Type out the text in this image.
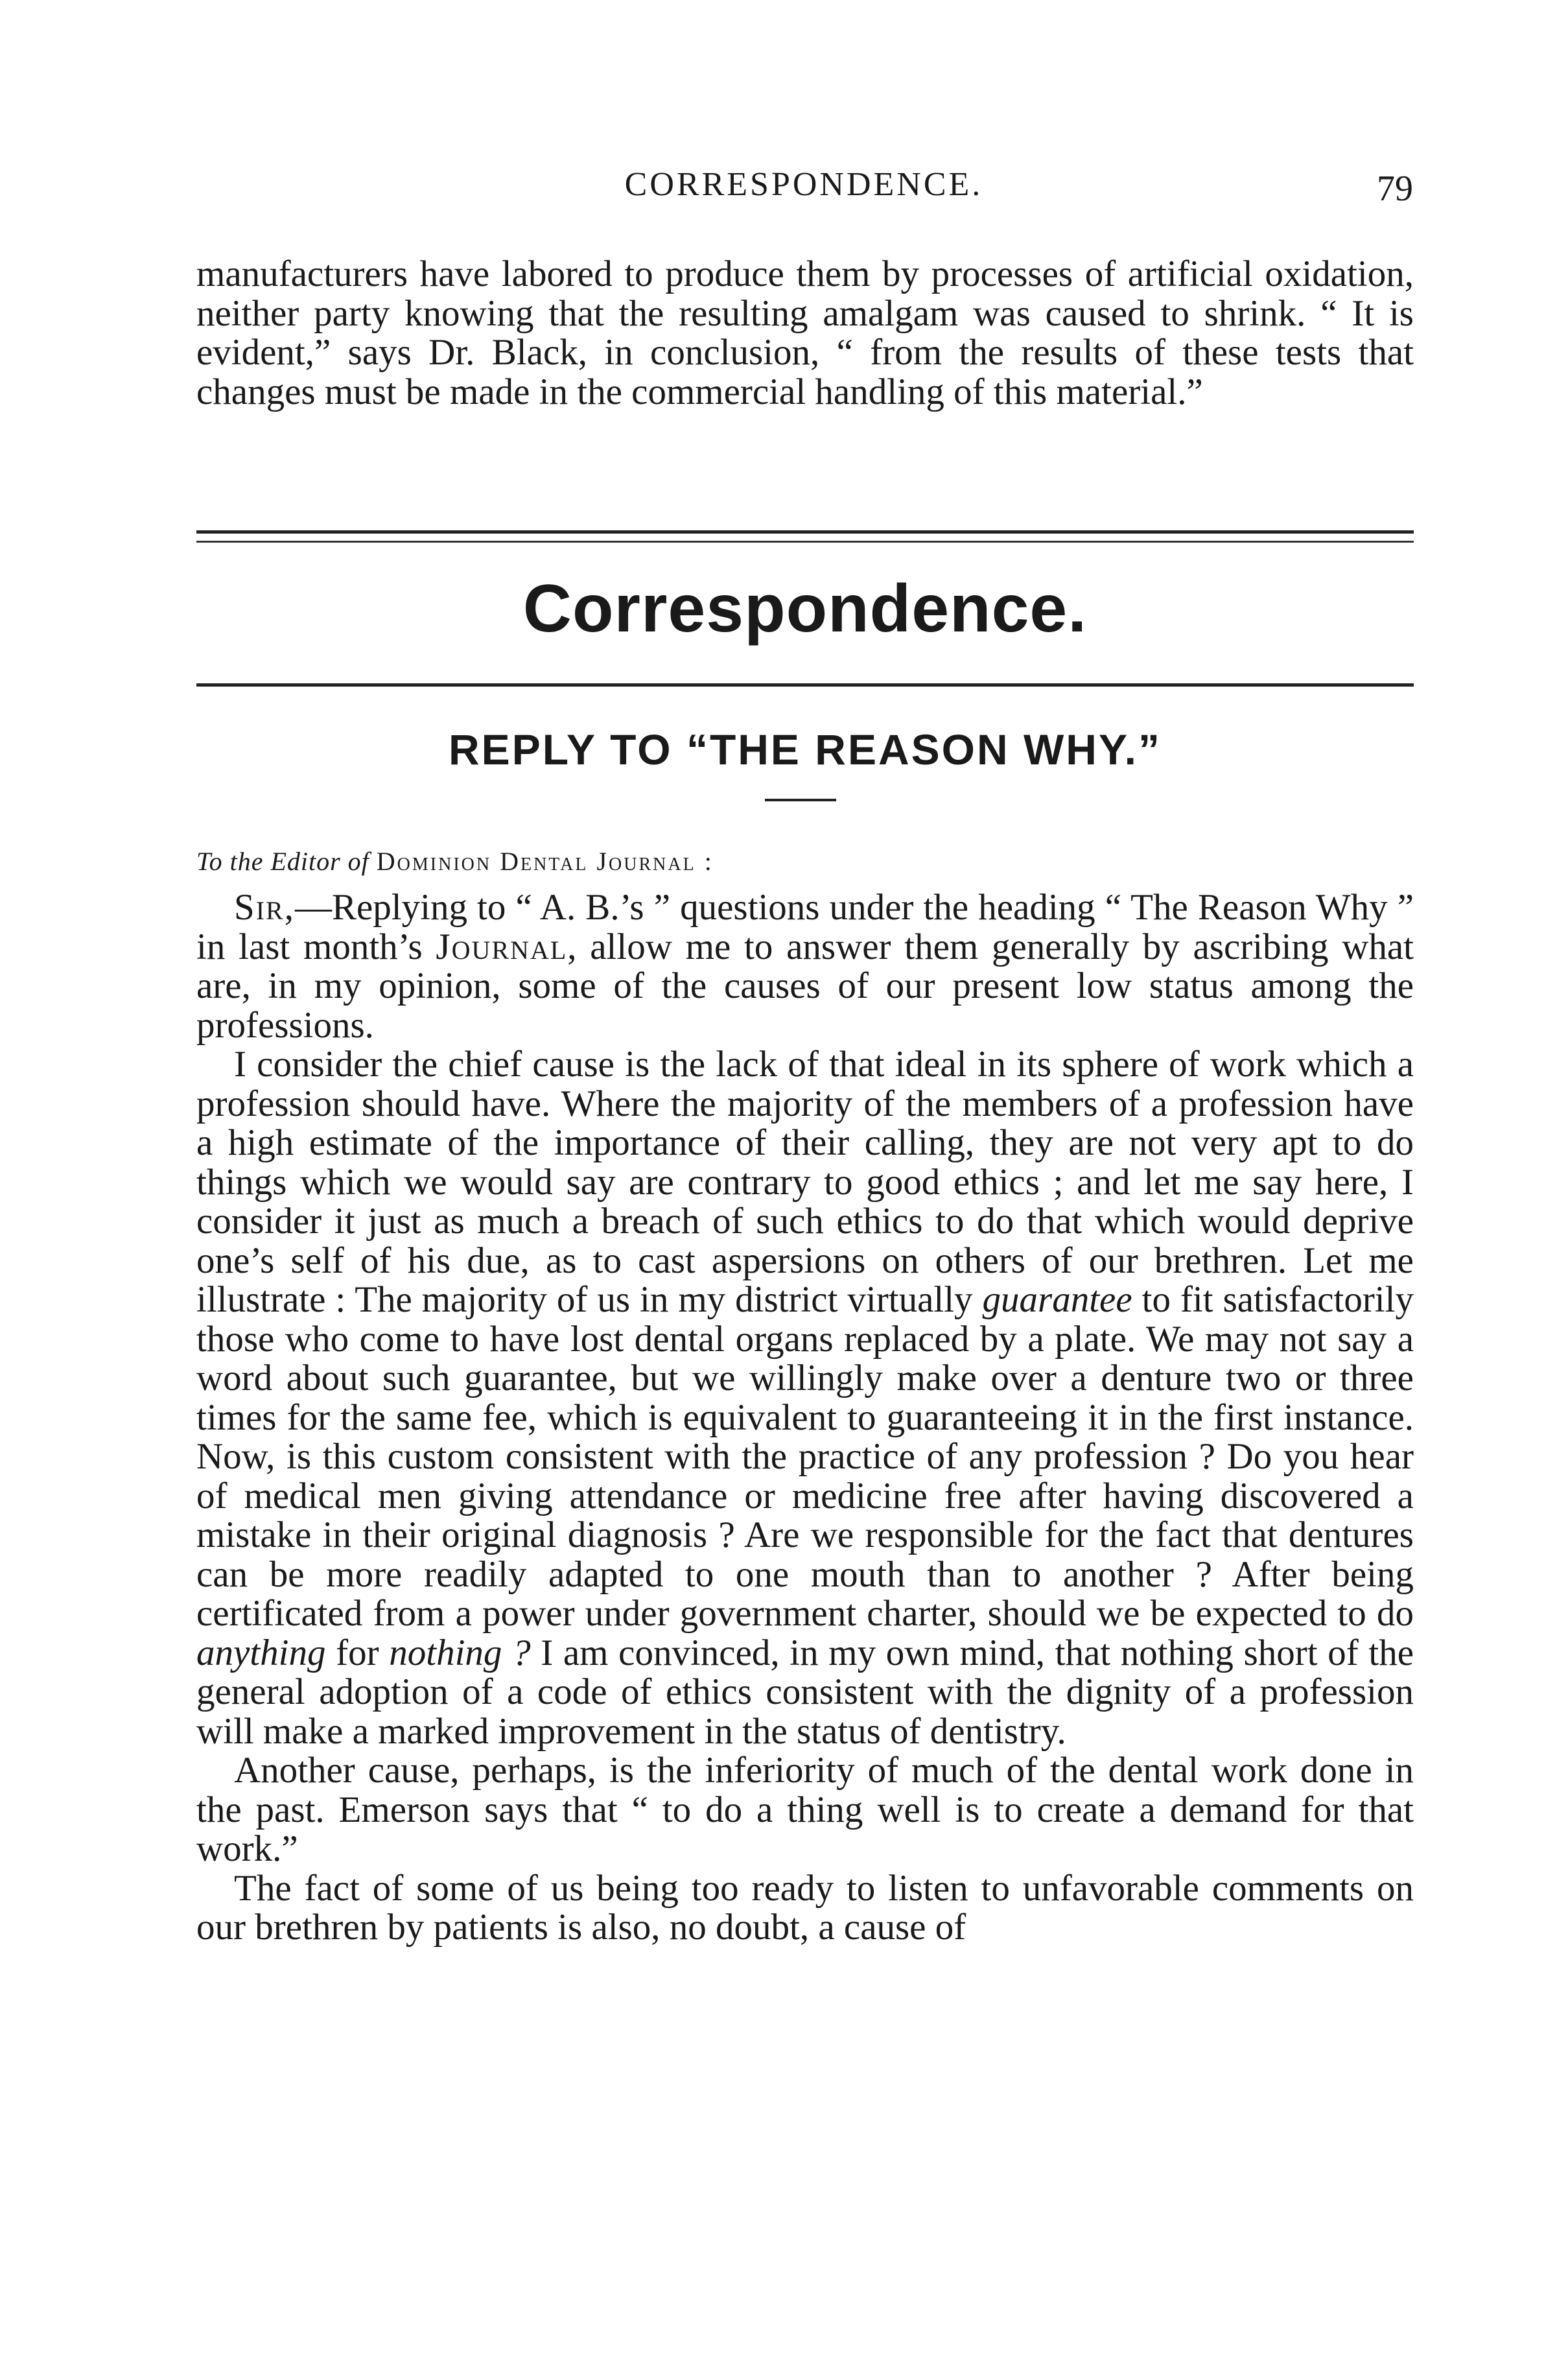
CORRESPONDENCE.	79

manufacturers have labored to produce them by processes of artificial oxidation, neither party knowing that the resulting amalgam was caused to shrink. “ It is evident,” says Dr. Black, in conclusion, “ from the results of these tests that changes must be made in the commercial handling of this material.”

Correspondence.
REPLY TO “THE REASON WHY.”
To the Editor of Dominion Dental Journal :

Sir,—Replying to “ A. B.’s ” questions under the heading “ The Reason Why ” in last month’s Journal, allow me to answer them generally by ascribing what are, in my opinion, some of the causes of our present low status among the professions.

I consider the chief cause is the lack of that ideal in its sphere of work which a profession should have. Where the majority of the members of a profession have a high estimate of the importance of their calling, they are not very apt to do things which we would say are contrary to good ethics ; and let me say here, I consider it just as much a breach of such ethics to do that which would deprive one’s self of his due, as to cast aspersions on others of our brethren. Let me illustrate : The majority of us in my district virtually guarantee to fit satisfactorily those who come to have lost dental organs replaced by a plate. We may not say a word about such guarantee, but we willingly make over a denture two or three times for the same fee, which is equivalent to guaranteeing it in the first instance. Now, is this custom consistent with the practice of any profession ? Do you hear of medical men giving attendance or medicine free after having discovered a mistake in their original diagnosis ? Are we responsible for the fact that dentures can be more readily adapted to one mouth than to another ? After being certificated from a power under government charter, should we be expected to do anything for nothing ? I am convinced, in my own mind, that nothing short of the general adoption of a code of ethics consistent with the dignity of a profession will make a marked improvement in the status of dentistry.

Another cause, perhaps, is the inferiority of much of the dental work done in the past. Emerson says that “ to do a thing well is to create a demand for that work.”

The fact of some of us being too ready to listen to unfavorable comments on our brethren by patients is also, no doubt, a cause of
